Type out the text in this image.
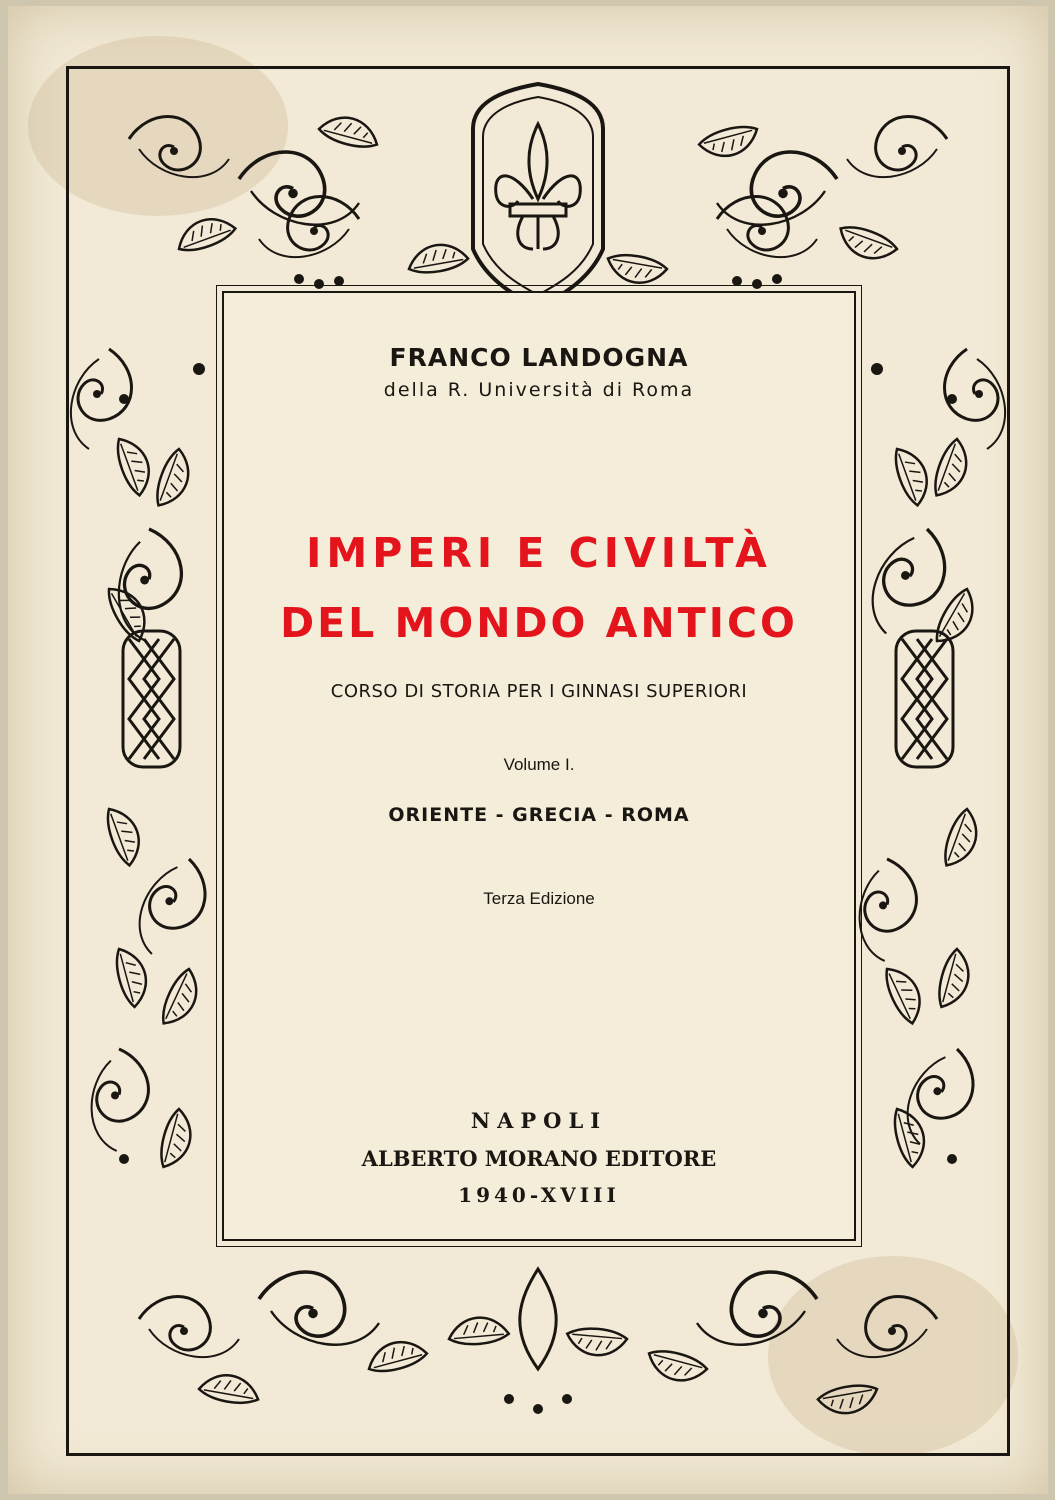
FRANCO LANDOGNA
della R. Università di Roma
IMPERI E CIVILTÀ
DEL MONDO ANTICO
CORSO DI STORIA PER I GINNASI SUPERIORI
Volume I.
ORIENTE - GRECIA - ROMA
Terza Edizione
NAPOLI
ALBERTO MORANO EDITORE
1940-XVIII
